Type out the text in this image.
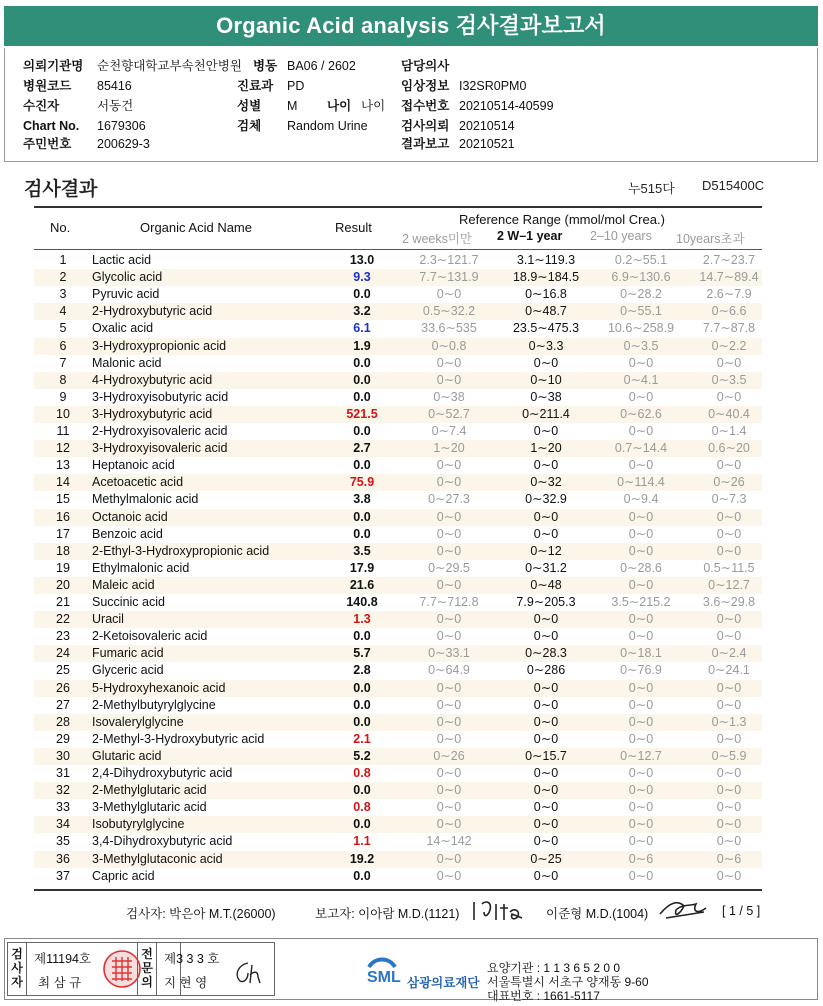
Organic Acid analysis 검사결과보고서
의뢰기관명 순천향대학교부속천안병원
병원코드 85416
수진자	서동건
Chart No. 1679306
주민번호 200629-3
병동 BA06 / 2602
진료과 PD
성별 M 나이 나이
검체 Random Urine
담당의사
임상정보 I32SR0PM0
접수번호 20210514-40599
검사의뢰 20210514
결과보고 20210521
검사결과	누515다 D515400C
No.	Organic Acid Name	Result
Reference Range (mmol/mol Crea.)
2 weeks미만 2 W–1 year 2–10 years 10years초과
1	Lactic acid	13.0	2.3∼121.7	3.1∼119.3	0.2∼55.1	2.7∼23.7
2	Glycolic acid	9.3	7.7∼131.9	18.9∼184.5	6.9∼130.6	14.7∼89.4
3	Pyruvic acid	0.0	0∼0	0∼16.8	0∼28.2	2.6∼7.9
4	2-Hydroxybutyric acid	3.2	0.5∼32.2	0∼48.7	0∼55.1	0∼6.6
5	Oxalic acid	6.1	33.6∼535	23.5∼475.3	10.6∼258.9	7.7∼87.8
6	3-Hydroxypropionic acid	1.9	0∼0.8	0∼3.3	0∼3.5	0∼2.2
7	Malonic acid	0.0	0∼0	0∼0	0∼0	0∼0
8	4-Hydroxybutyric acid	0.0	0∼0	0∼10	0∼4.1	0∼3.5
9	3-Hydroxyisobutyric acid	0.0	0∼38	0∼38	0∼0	0∼0
10	3-Hydroxybutyric acid	521.5	0∼52.7	0∼211.4	0∼62.6	0∼40.4
11	2-Hydroxyisovaleric acid	0.0	0∼7.4	0∼0	0∼0	0∼1.4
12	3-Hydroxyisovaleric acid	2.7	1∼20	1∼20	0.7∼14.4	0.6∼20
13	Heptanoic acid	0.0	0∼0	0∼0	0∼0	0∼0
14	Acetoacetic acid	75.9	0∼0	0∼32	0∼114.4	0∼26
15	Methylmalonic acid	3.8	0∼27.3	0∼32.9	0∼9.4	0∼7.3
16	Octanoic acid	0.0	0∼0	0∼0	0∼0	0∼0
17	Benzoic acid	0.0	0∼0	0∼0	0∼0	0∼0
18	2-Ethyl-3-Hydroxypropionic acid	3.5	0∼0	0∼12	0∼0	0∼0
19	Ethylmalonic acid	17.9	0∼29.5	0∼31.2	0∼28.6	0.5∼11.5
20	Maleic acid	21.6	0∼0	0∼48	0∼0	0∼12.7
21	Succinic acid	140.8	7.7∼712.8	7.9∼205.3	3.5∼215.2	3.6∼29.8
22	Uracil	1.3	0∼0	0∼0	0∼0	0∼0
23	2-Ketoisovaleric acid	0.0	0∼0	0∼0	0∼0	0∼0
24	Fumaric acid	5.7	0∼33.1	0∼28.3	0∼18.1	0∼2.4
25	Glyceric acid	2.8	0∼64.9	0∼286	0∼76.9	0∼24.1
26	5-Hydroxyhexanoic acid	0.0	0∼0	0∼0	0∼0	0∼0
27	2-Methylbutyrylglycine	0.0	0∼0	0∼0	0∼0	0∼0
28	Isovalerylglycine	0.0	0∼0	0∼0	0∼0	0∼1.3
29	2-Methyl-3-Hydroxybutyric acid	2.1	0∼0	0∼0	0∼0	0∼0
30	Glutaric acid	5.2	0∼26	0∼15.7	0∼12.7	0∼5.9
31	2,4-Dihydroxybutyric acid	0.8	0∼0	0∼0	0∼0	0∼0
32	2-Methylglutaric acid	0.0	0∼0	0∼0	0∼0	0∼0
33	3-Methylglutaric acid	0.8	0∼0	0∼0	0∼0	0∼0
34	Isobutyrylglycine	0.0	0∼0	0∼0	0∼0	0∼0
35	3,4-Dihydroxybutyric acid	1.1	14∼142	0∼0	0∼0	0∼0
36	3-Methylglutaconic acid	19.2	0∼0	0∼25	0∼6	0∼6
37	Capric acid	0.0	0∼0	0∼0	0∼0	0∼0
검사자: 박은아 M.T.(26000)	보고자: 이아람 M.D.(1121)	이준형 M.D.(1004)	[ 1 / 5 ]
검사자
제11194호
최 삼 규
전문의
제3 3 3 호
지 현 영	SML 삼광의료재단
요양기관 : 1 1 3 6 5 2 0 0
서울특별시 서초구 양재동 9-60
대표번호 : 1661-5117
